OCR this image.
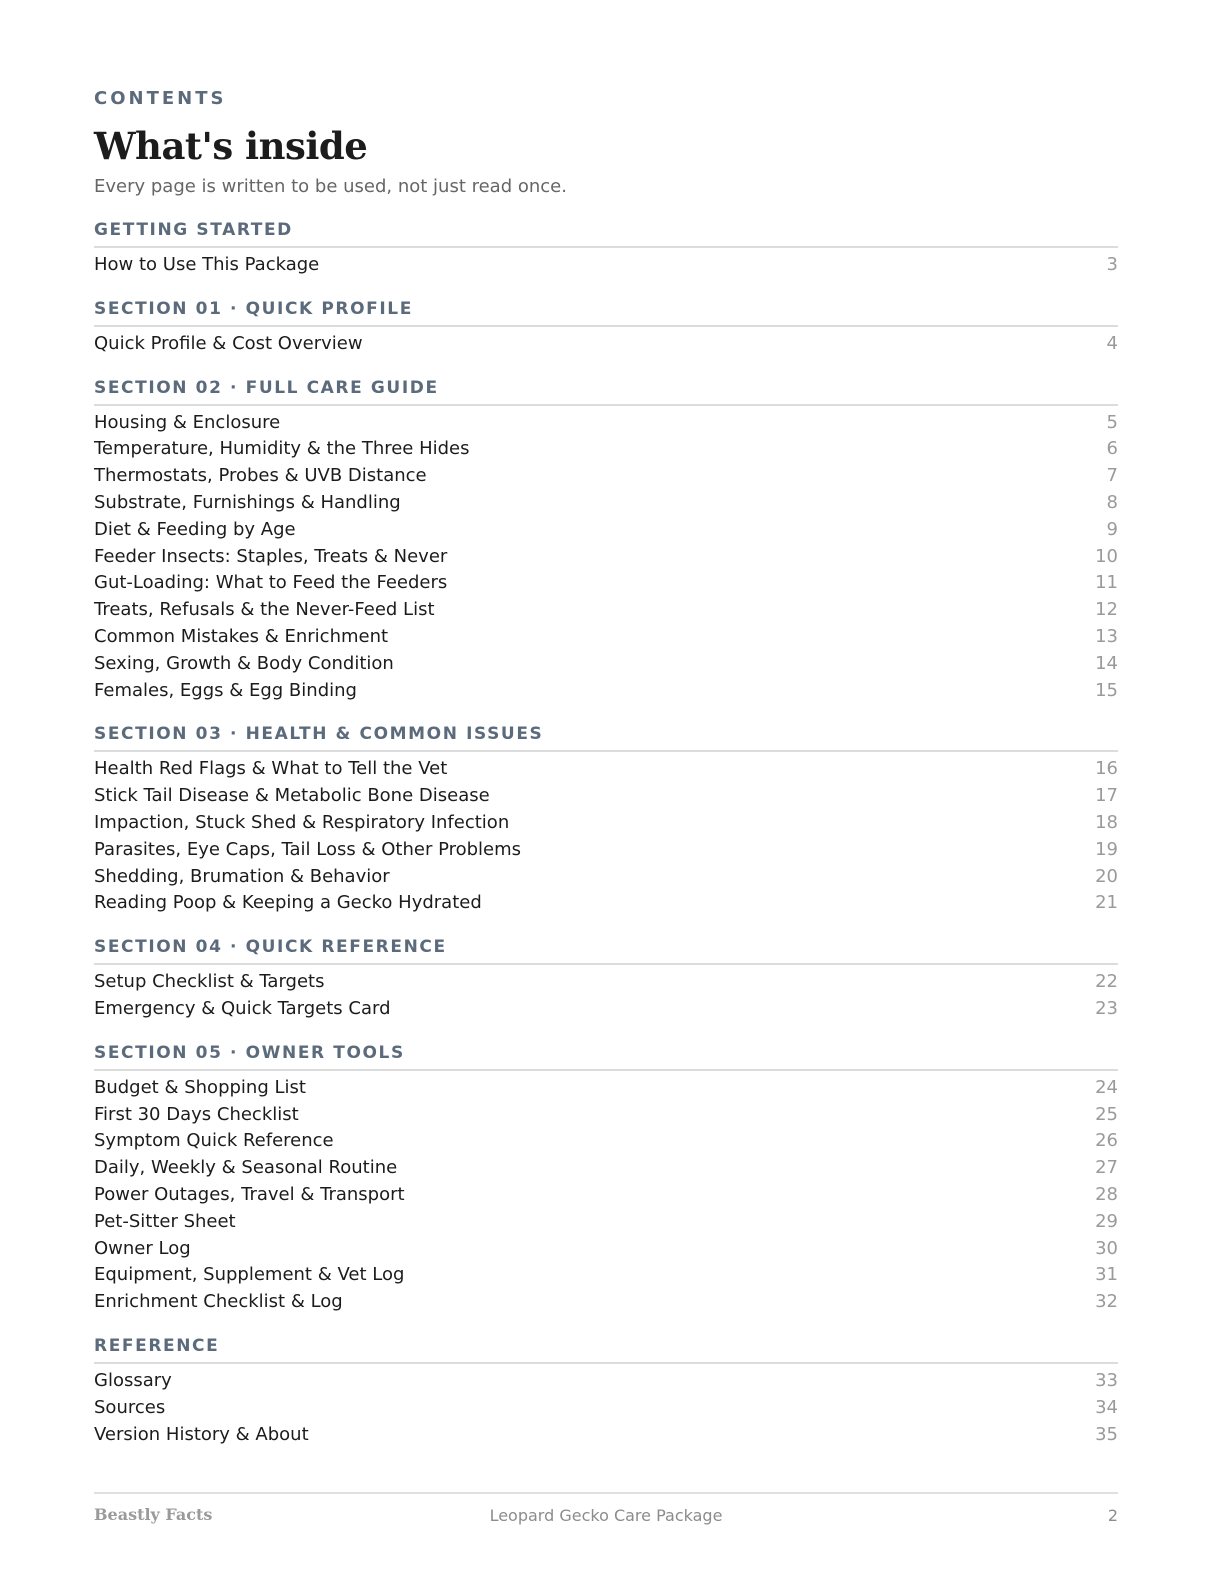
CONTENTS
What's inside
Every page is written to be used, not just read once.
GETTING STARTED
How to Use This Package	3
SECTION 01 · QUICK PROFILE
Quick Profile & Cost Overview	4
SECTION 02 · FULL CARE GUIDE
Housing & Enclosure	5
Temperature, Humidity & the Three Hides	6
Thermostats, Probes & UVB Distance	7
Substrate, Furnishings & Handling	8
Diet & Feeding by Age	9
Feeder Insects: Staples, Treats & Never	10
Gut-Loading: What to Feed the Feeders	11
Treats, Refusals & the Never-Feed List	12
Common Mistakes & Enrichment	13
Sexing, Growth & Body Condition	14
Females, Eggs & Egg Binding	15
SECTION 03 · HEALTH & COMMON ISSUES
Health Red Flags & What to Tell the Vet	16
Stick Tail Disease & Metabolic Bone Disease	17
Impaction, Stuck Shed & Respiratory Infection	18
Parasites, Eye Caps, Tail Loss & Other Problems	19
Shedding, Brumation & Behavior	20
Reading Poop & Keeping a Gecko Hydrated	21
SECTION 04 · QUICK REFERENCE
Setup Checklist & Targets	22
Emergency & Quick Targets Card	23
SECTION 05 · OWNER TOOLS
Budget & Shopping List	24
First 30 Days Checklist	25
Symptom Quick Reference	26
Daily, Weekly & Seasonal Routine	27
Power Outages, Travel & Transport	28
Pet-Sitter Sheet	29
Owner Log	30
Equipment, Supplement & Vet Log	31
Enrichment Checklist & Log	32
REFERENCE
Glossary	33
Sources	34
Version History & About	35
Beastly Facts	Leopard Gecko Care Package	2
